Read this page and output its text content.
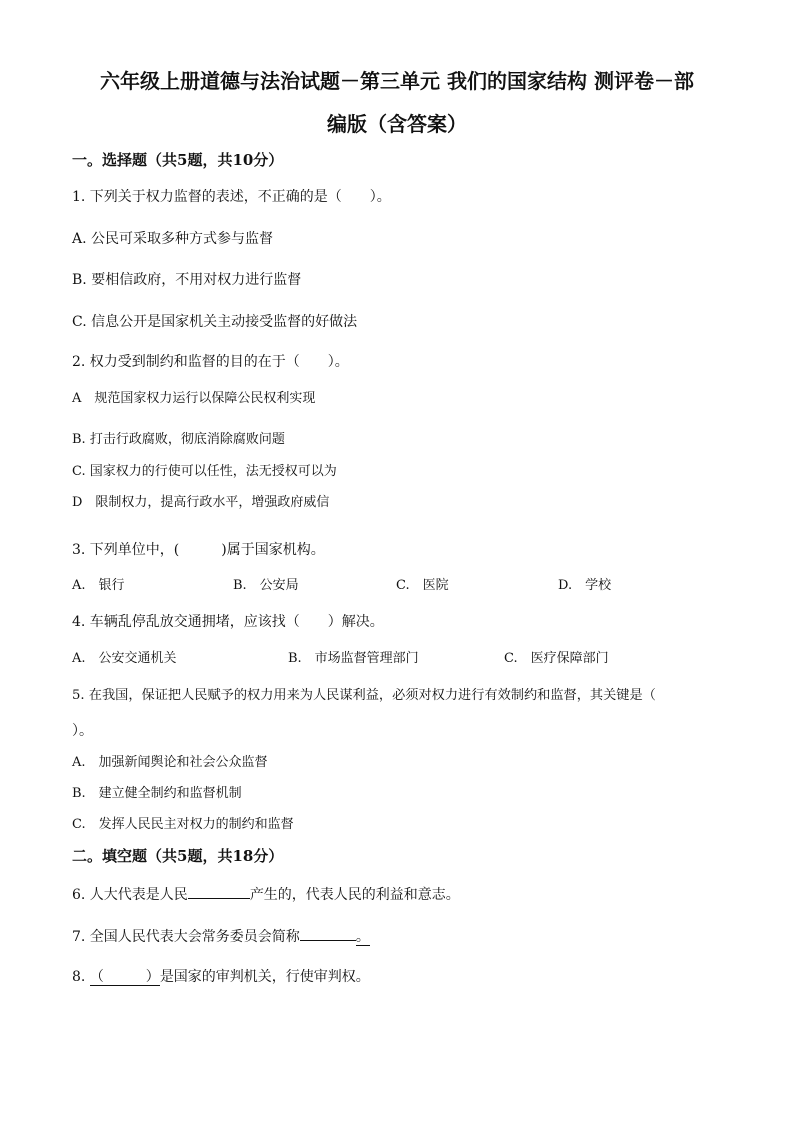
六年级上册道德与法治试题－第三单元 我们的国家结构 测评卷－部
编版（含答案）
一。选择题（共5题，共10分）
1. 下列关于权力监督的表述，不正确的是（　　）。
A. 公民可采取多种方式参与监督
B. 要相信政府，不用对权力进行监督
C. 信息公开是国家机关主动接受监督的好做法
2. 权力受到制约和监督的目的在于（　　）。
A　规范国家权力运行以保障公民权利实现
B. 打击行政腐败，彻底消除腐败问题
C. 国家权力的行使可以任性，法无授权可以为
D　限制权力，提高行政水平，增强政府威信
3. 下列单位中，(　　　)属于国家机构。
A.　银行	B.　公安局	C.　医院	D.　学校
4. 车辆乱停乱放交通拥堵，应该找（　　）解决。
A.　公安交通机关	B.　市场监督管理部门	C.　医疗保障部门
5. 在我国，保证把人民赋予的权力用来为人民谋利益，必须对权力进行有效制约和监督，其关键是（
）。
A.　加强新闻舆论和社会公众监督
B.　建立健全制约和监督机制
C.　发挥人民民主对权力的制约和监督
二。填空题（共5题，共18分）
6. 人大代表是人民	产生的，代表人民的利益和意志。
7. 全国人民代表大会常务委员会简称	。
8. （　　　）是国家的审判机关，行使审判权。
